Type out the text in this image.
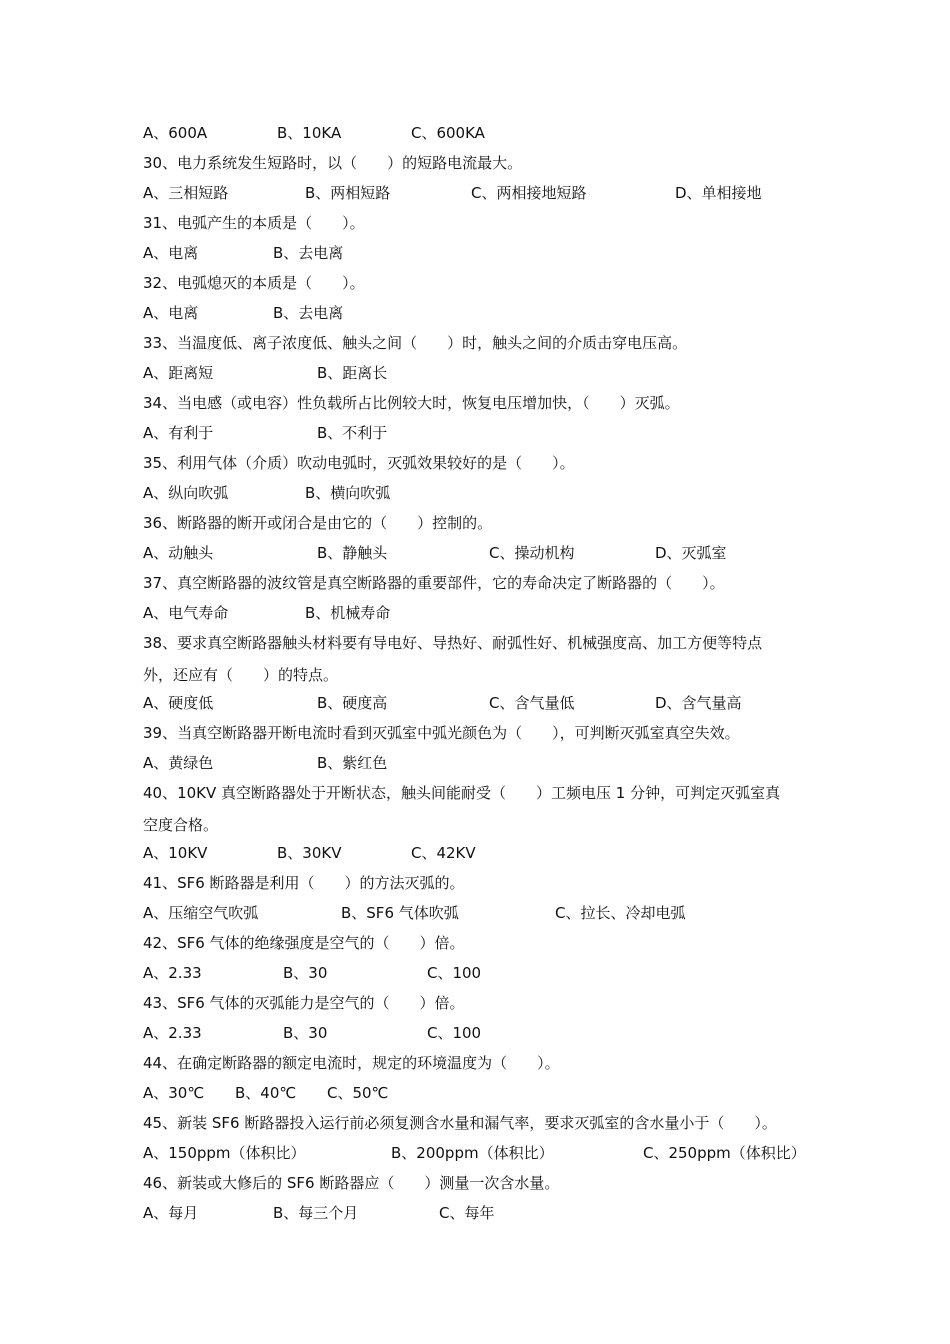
A、600A	B、10KA	C、600KA
30、电力系统发生短路时，以（　　）的短路电流最大。
A、三相短路	B、两相短路	C、两相接地短路	D、单相接地
31、电弧产生的本质是（　　）。
A、电离	B、去电离
32、电弧熄灭的本质是（　　）。
A、电离	B、去电离
33、当温度低、离子浓度低、触头之间（　　）时，触头之间的介质击穿电压高。
A、距离短	B、距离长
34、当电感（或电容）性负载所占比例较大时，恢复电压增加快，（　　）灭弧。
A、有利于	B、不利于
35、利用气体（介质）吹动电弧时，灭弧效果较好的是（　　）。
A、纵向吹弧	B、横向吹弧
36、断路器的断开或闭合是由它的（　　）控制的。
A、动触头	B、静触头	C、操动机构	D、灭弧室
37、真空断路器的波纹管是真空断路器的重要部件，它的寿命决定了断路器的（　　）。
A、电气寿命	B、机械寿命
38、要求真空断路器触头材料要有导电好、导热好、耐弧性好、机械强度高、加工方便等特点
外，还应有（　　）的特点。
A、硬度低	B、硬度高	C、含气量低	D、含气量高
39、当真空断路器开断电流时看到灭弧室中弧光颜色为（　　），可判断灭弧室真空失效。
A、黄绿色	B、紫红色
40、10KV 真空断路器处于开断状态，触头间能耐受（　　）工频电压 1 分钟，可判定灭弧室真
空度合格。
A、10KV	B、30KV	C、42KV
41、SF6 断路器是利用（　　）的方法灭弧的。
A、压缩空气吹弧	B、SF6 气体吹弧	C、拉长、冷却电弧
42、SF6 气体的绝缘强度是空气的（　　）倍。
A、2.33	B、30	C、100
43、SF6 气体的灭弧能力是空气的（　　）倍。
A、2.33	B、30	C、100
44、在确定断路器的额定电流时，规定的环境温度为（　　）。
A、30℃ B、40℃ C、50℃
45、新装 SF6 断路器投入运行前必须复测含水量和漏气率，要求灭弧室的含水量小于（　　）。
A、150ppm（体积比）	B、200ppm（体积比）	C、250ppm（体积比）
46、新装或大修后的 SF6 断路器应（　　）测量一次含水量。
A、每月	B、每三个月	C、每年
